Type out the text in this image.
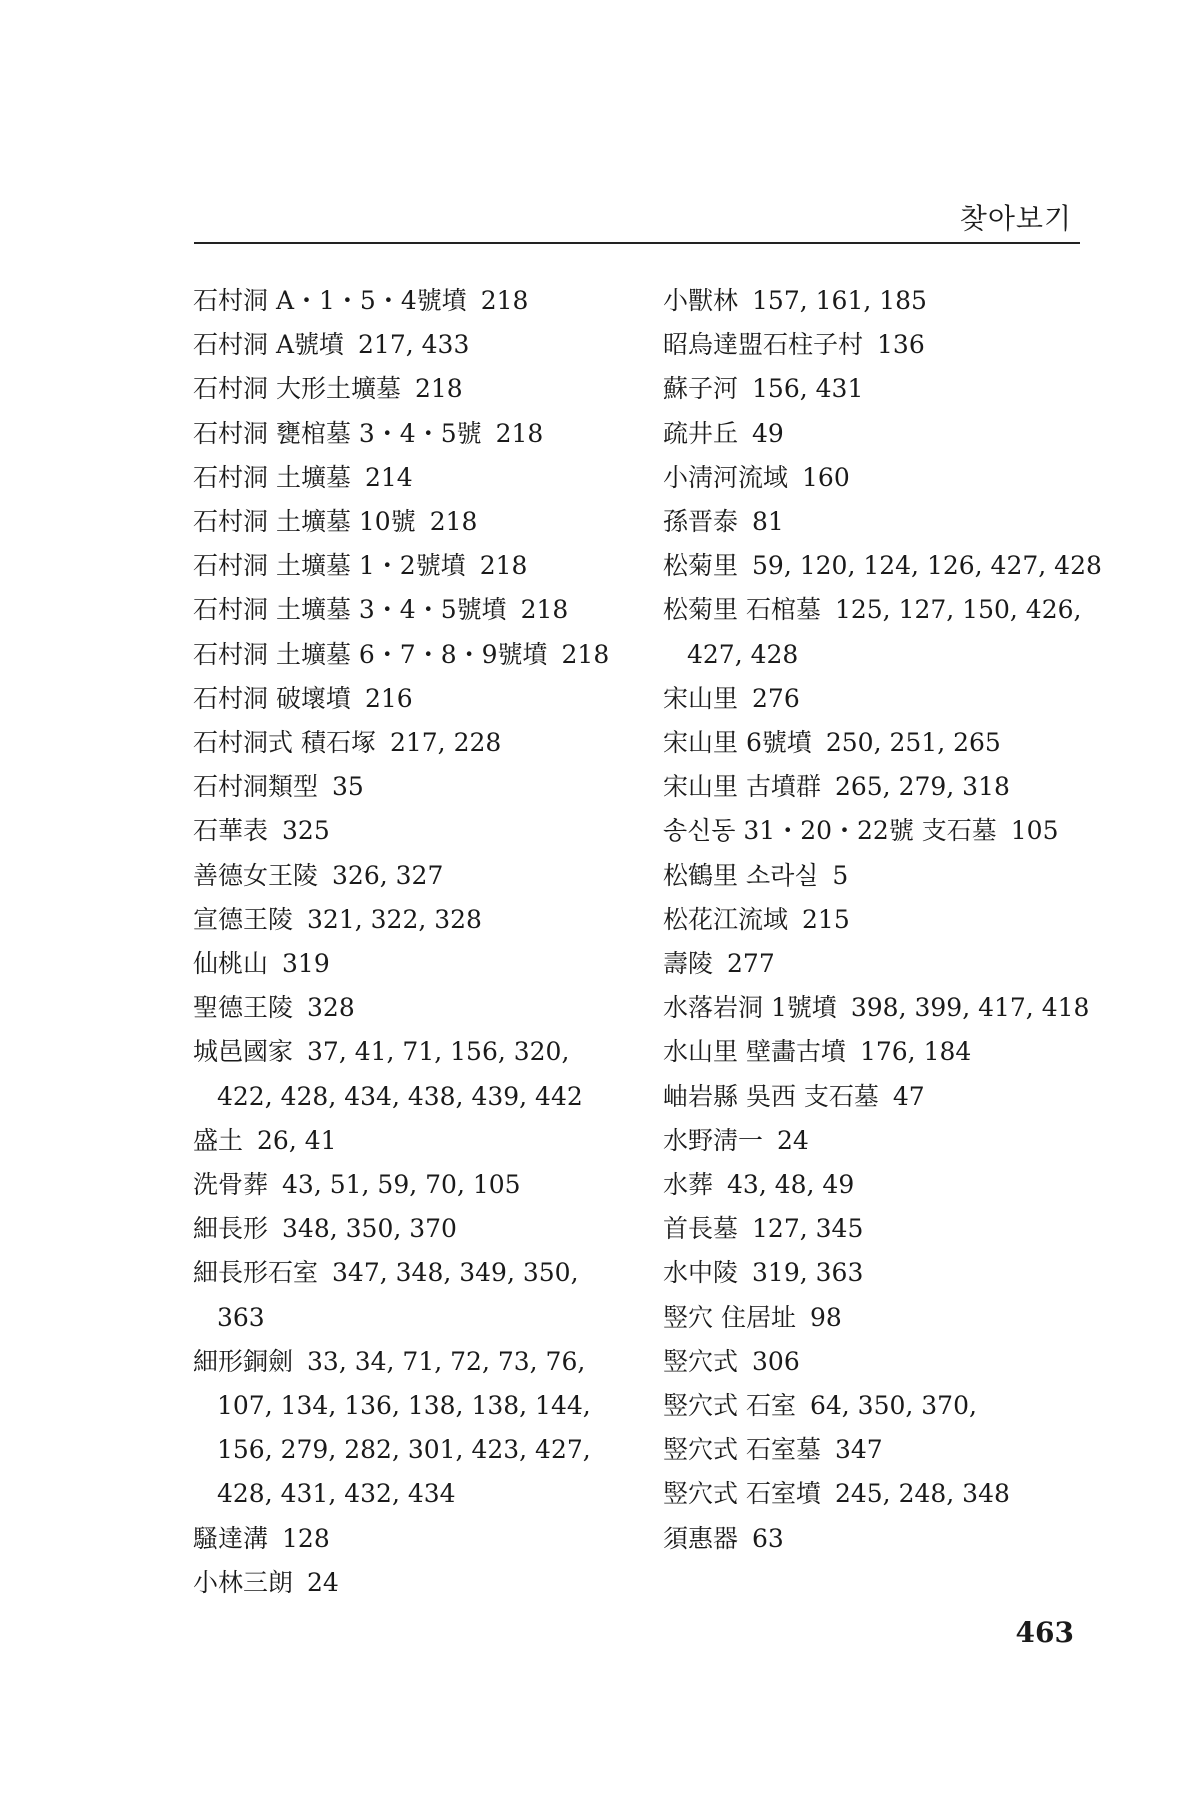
찾아보기
石村洞 A・1・5・4號墳 218
石村洞 A號墳 217, 433
石村洞 大形土壙墓 218
石村洞 甕棺墓 3・4・5號 218
石村洞 土壙墓 214
石村洞 土壙墓 10號 218
石村洞 土壙墓 1・2號墳 218
石村洞 土壙墓 3・4・5號墳 218
石村洞 土壙墓 6・7・8・9號墳 218
石村洞 破壞墳 216
石村洞式 積石塚 217, 228
石村洞類型 35
石華表 325
善德女王陵 326, 327
宣德王陵 321, 322, 328
仙桃山 319
聖德王陵 328
城邑國家 37, 41, 71, 156, 320, 422, 428, 434, 438, 439, 442
盛土 26, 41
洗骨葬 43, 51, 59, 70, 105
細長形 348, 350, 370
細長形石室 347, 348, 349, 350, 363
細形銅劍 33, 34, 71, 72, 73, 76, 107, 134, 136, 138, 138, 144, 156, 279, 282, 301, 423, 427, 428, 431, 432, 434
騷達溝 128
小林三朗 24
小獸林 157, 161, 185
昭烏達盟石柱子村 136
蘇子河 156, 431
疏井丘 49
小淸河流域 160
孫晋泰 81
松菊里 59, 120, 124, 126, 427, 428
松菊里 石棺墓 125, 127, 150, 426, 427, 428
宋山里 276
宋山里 6號墳 250, 251, 265
宋山里 古墳群 265, 279, 318
송신동 31・20・22號 支石墓 105
松鶴里 소라실 5
松花江流域 215
壽陵 277
水落岩洞 1號墳 398, 399, 417, 418
水山里 壁畵古墳 176, 184
岫岩縣 吳西 支石墓 47
水野淸一 24
水葬 43, 48, 49
首長墓 127, 345
水中陵 319, 363
竪穴 住居址 98
竪穴式 306
竪穴式 石室 64, 350, 370,
竪穴式 石室墓 347
竪穴式 石室墳 245, 248, 348
須惠器 63
463
